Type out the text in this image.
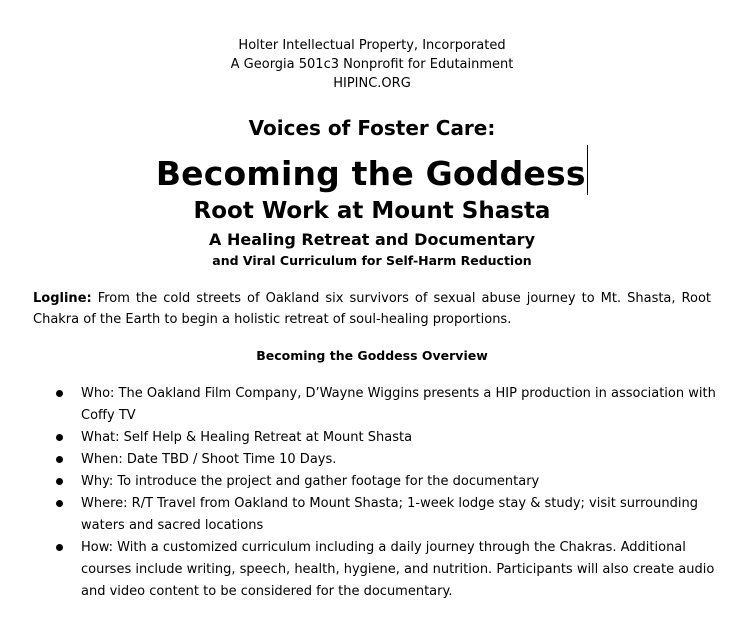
Holter Intellectual Property, Incorporated
A Georgia 501c3 Nonprofit for Edutainment
HIPINC.ORG
Voices of Foster Care:
Becoming the Goddess
Root Work at Mount Shasta
A Healing Retreat and Documentary
and Viral Curriculum for Self-Harm Reduction
Logline: From the cold streets of Oakland six survivors of sexual abuse journey to Mt. Shasta, Root Chakra of the Earth to begin a holistic retreat of soul-healing proportions.
Becoming the Goddess Overview
Who: The Oakland Film Company, D’Wayne Wiggins presents a HIP production in association with Coffy TV
What: Self Help & Healing Retreat at Mount Shasta
When: Date TBD / Shoot Time 10 Days.
Why: To introduce the project and gather footage for the documentary
Where: R/T Travel from Oakland to Mount Shasta; 1-week lodge stay & study; visit surrounding waters and sacred locations
How: With a customized curriculum including a daily journey through the Chakras. Additional courses include writing, speech, health, hygiene, and nutrition. Participants will also create audio and video content to be considered for the documentary.
